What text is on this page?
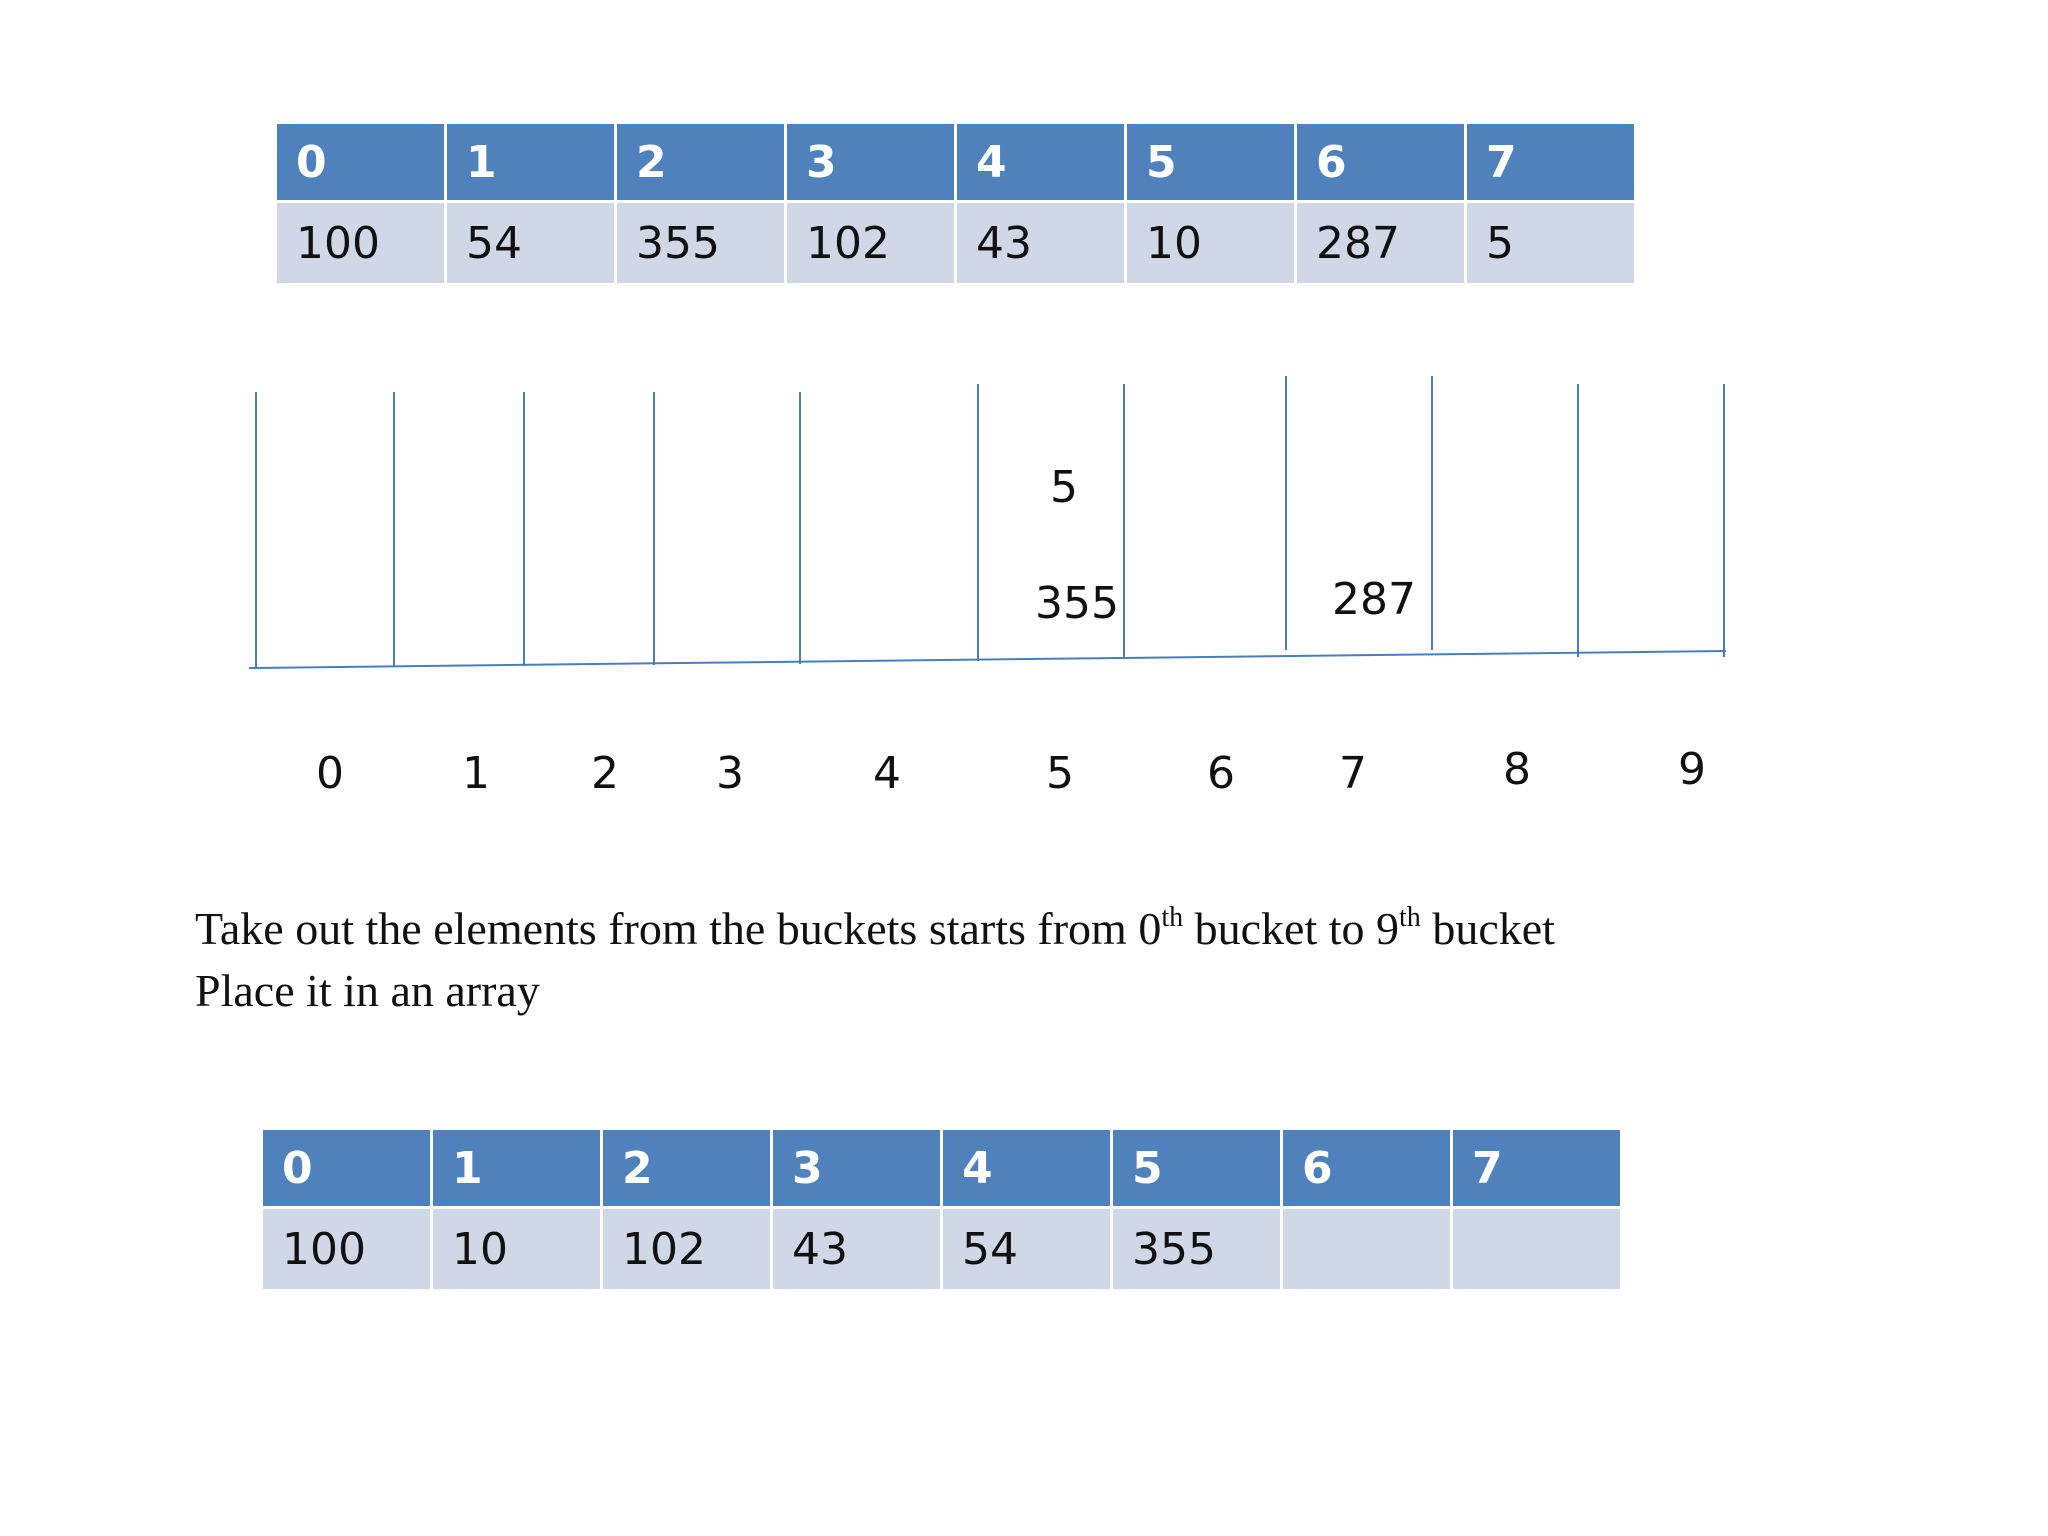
0	1	2	3	4	5	6	7
100	54	355	102	43	10	287	5
5
355	287
0	1	2	3	4	5	6	7	8	9
Take out the elements from the buckets starts from 0th bucket to 9th bucket
Place it in an array
0	1	2	3	4	5	6	7
100	10	102	43	54	355		
